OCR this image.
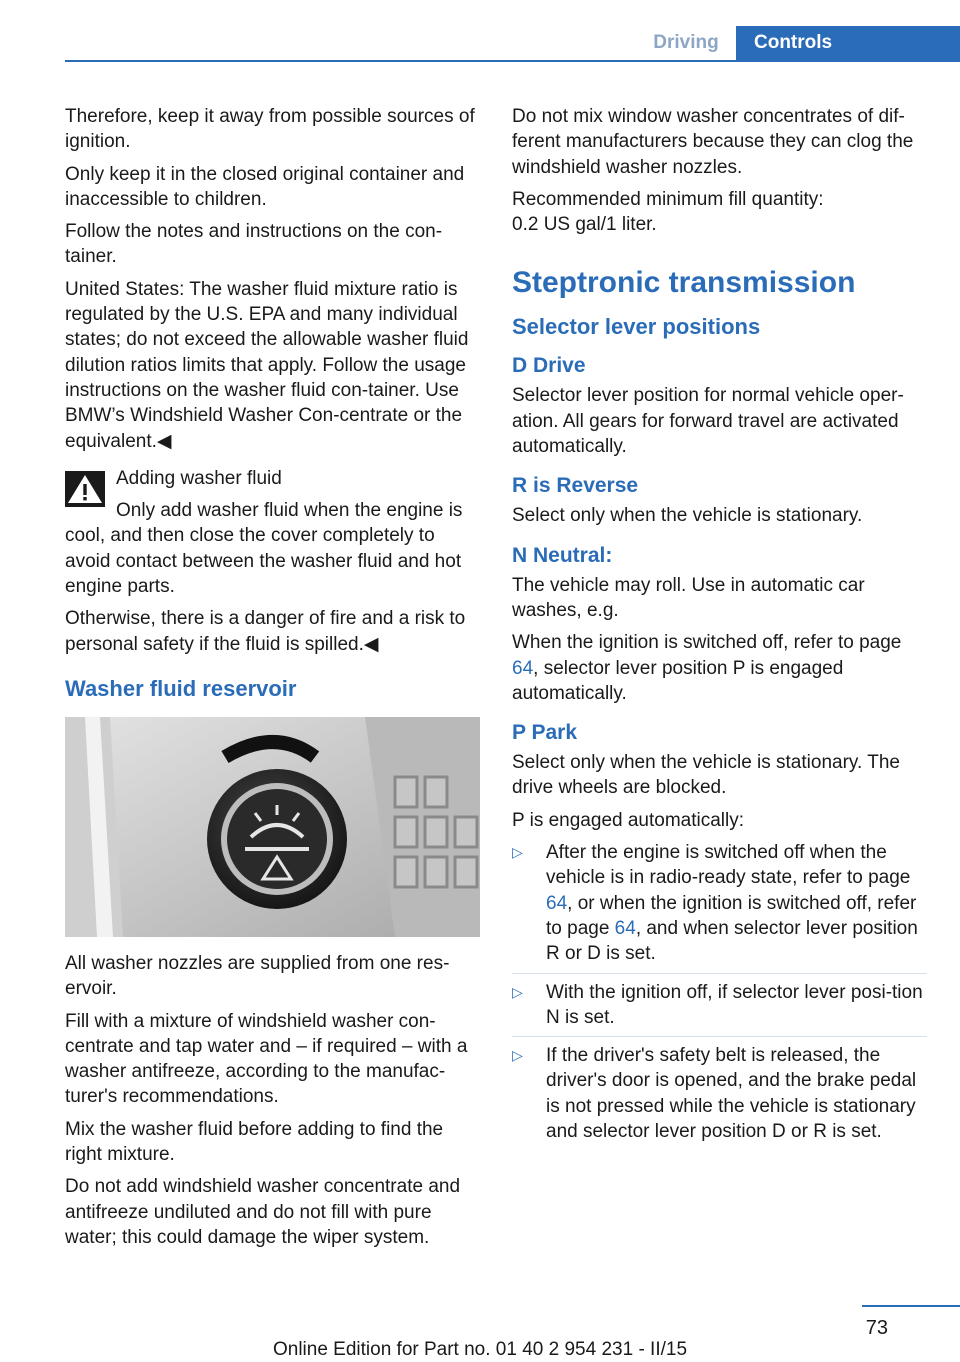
Driving	Controls

Therefore, keep it away from possible sources of ignition.

Only keep it in the closed original container and inaccessible to children.

Follow the notes and instructions on the con-tainer.

United States: The washer fluid mixture ratio is regulated by the U.S. EPA and many individual states; do not exceed the allowable washer fluid dilution ratios limits that apply. Follow the usage instructions on the washer fluid con-tainer. Use BMW’s Windshield Washer Con-centrate or the equivalent.◀

Adding washer fluid

Only add washer fluid when the engine is cool, and then close the cover completely to avoid contact between the washer fluid and hot engine parts.

Otherwise, there is a danger of fire and a risk to personal safety if the fluid is spilled.◀

Washer fluid reservoir

All washer nozzles are supplied from one res-ervoir.

Fill with a mixture of windshield washer con-centrate and tap water and – if required – with a washer antifreeze, according to the manufac-turer's recommendations.

Mix the washer fluid before adding to find the right mixture.

Do not add windshield washer concentrate and antifreeze undiluted and do not fill with pure water; this could damage the wiper system.

Do not mix window washer concentrates of dif-ferent manufacturers because they can clog the windshield washer nozzles.

Recommended minimum fill quantity:
0.2 US gal/1 liter.

Steptronic transmission
Selector lever positions
D Drive

Selector lever position for normal vehicle oper-ation. All gears for forward travel are activated automatically.

R is Reverse

Select only when the vehicle is stationary.

N Neutral:

The vehicle may roll. Use in automatic car washes, e.g.

When the ignition is switched off, refer to page 64, selector lever position P is engaged automatically.

P Park

Select only when the vehicle is stationary. The drive wheels are blocked.

P is engaged automatically:

▷ After the engine is switched off when the vehicle is in radio-ready state, refer to page 64, or when the ignition is switched off, refer to page 64, and when selector lever position R or D is set.
▷ With the ignition off, if selector lever posi-tion N is set.
▷ If the driver's safety belt is released, the driver's door is opened, and the brake pedal is not pressed while the vehicle is stationary and selector lever position D or R is set.
73
Online Edition for Part no. 01 40 2 954 231 - II/15
